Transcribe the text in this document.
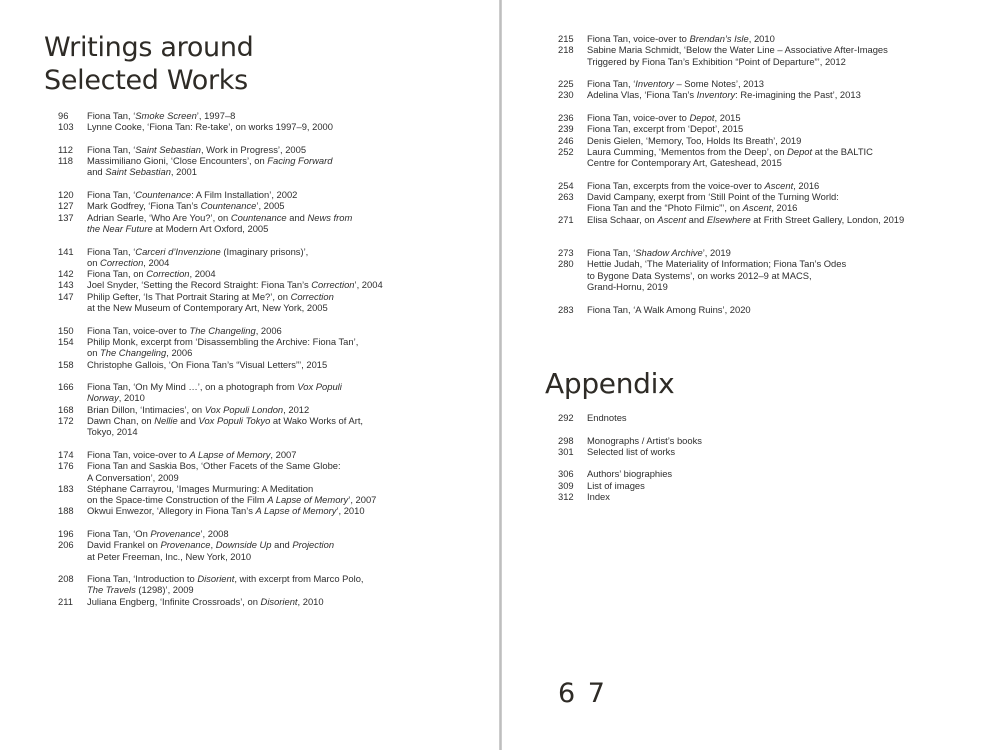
Writings around
Selected Works
96	Fiona Tan, ‘Smoke Screen’, 1997–8
103	Lynne Cooke, ‘Fiona Tan: Re-take’, on works 1997–9, 2000
112	Fiona Tan, ‘Saint Sebastian, Work in Progress’, 2005
118	Massimiliano Gioni, ‘Close Encounters’, on Facing Forward
and Saint Sebastian, 2001
120	Fiona Tan, ‘Countenance: A Film Installation’, 2002
127	Mark Godfrey, ‘Fiona Tan’s Countenance’, 2005
137	Adrian Searle, ‘Who Are You?’, on Countenance and News from
the Near Future at Modern Art Oxford, 2005
141	Fiona Tan, ‘Carceri d’Invenzione (Imaginary prisons)’,
on Correction, 2004
142	Fiona Tan, on Correction, 2004
143	Joel Snyder, ‘Setting the Record Straight: Fiona Tan’s Correction’, 2004
147	Philip Gefter, ‘Is That Portrait Staring at Me?’, on Correction
at the New Museum of Contemporary Art, New York, 2005
150	Fiona Tan, voice-over to The Changeling, 2006
154	Philip Monk, excerpt from ‘Disassembling the Archive: Fiona Tan’,
on The Changeling, 2006
158	Christophe Gallois, ‘On Fiona Tan’s “Visual Letters”’, 2015
166	Fiona Tan, ‘On My Mind …’, on a photograph from Vox Populi
Norway, 2010
168	Brian Dillon, ‘Intimacies’, on Vox Populi London, 2012
172	Dawn Chan, on Nellie and Vox Populi Tokyo at Wako Works of Art,
Tokyo, 2014
174	Fiona Tan, voice-over to A Lapse of Memory, 2007
176	Fiona Tan and Saskia Bos, ‘Other Facets of the Same Globe:
A Conversation’, 2009
183	Stéphane Carrayrou, ‘Images Murmuring: A Meditation
on the Space-time Construction of the Film A Lapse of Memory’, 2007
188	Okwui Enwezor, ‘Allegory in Fiona Tan’s A Lapse of Memory’, 2010
196	Fiona Tan, ‘On Provenance’, 2008
206	David Frankel on Provenance, Downside Up and Projection
at Peter Freeman, Inc., New York, 2010
208	Fiona Tan, ‘Introduction to Disorient, with excerpt from Marco Polo,
The Travels (1298)’, 2009
211	Juliana Engberg, ‘Infinite Crossroads’, on Disorient, 2010
215	Fiona Tan, voice-over to Brendan’s Isle, 2010
218	Sabine Maria Schmidt, ‘Below the Water Line – Associative After-Images
Triggered by Fiona Tan’s Exhibition “Point of Departure”’, 2012
225	Fiona Tan, ‘Inventory – Some Notes’, 2013
230	Adelina Vlas, ‘Fiona Tan’s Inventory: Re-imagining the Past’, 2013
236	Fiona Tan, voice-over to Depot, 2015
239	Fiona Tan, excerpt from ‘Depot’, 2015
246	Denis Gielen, ‘Memory, Too, Holds Its Breath’, 2019
252	Laura Cumming, ‘Mementos from the Deep’, on Depot at the BALTIC
Centre for Contemporary Art, Gateshead, 2015
254	Fiona Tan, excerpts from the voice-over to Ascent, 2016
263	David Campany, exerpt from ‘Still Point of the Turning World:
Fiona Tan and the “Photo Filmic”’, on Ascent, 2016
271	Elisa Schaar, on Ascent and Elsewhere at Frith Street Gallery, London, 2019
273	Fiona Tan, ‘Shadow Archive’, 2019
280	Hettie Judah, ‘The Materiality of Information; Fiona Tan’s Odes
to Bygone Data Systems’, on works 2012–9 at MACS,
Grand-Hornu, 2019
283	Fiona Tan, ‘A Walk Among Ruins’, 2020
Appendix
292	Endnotes
298	Monographs / Artist’s books
301	Selected list of works
306	Authors’ biographies
309	List of images
312	Index
6 7
